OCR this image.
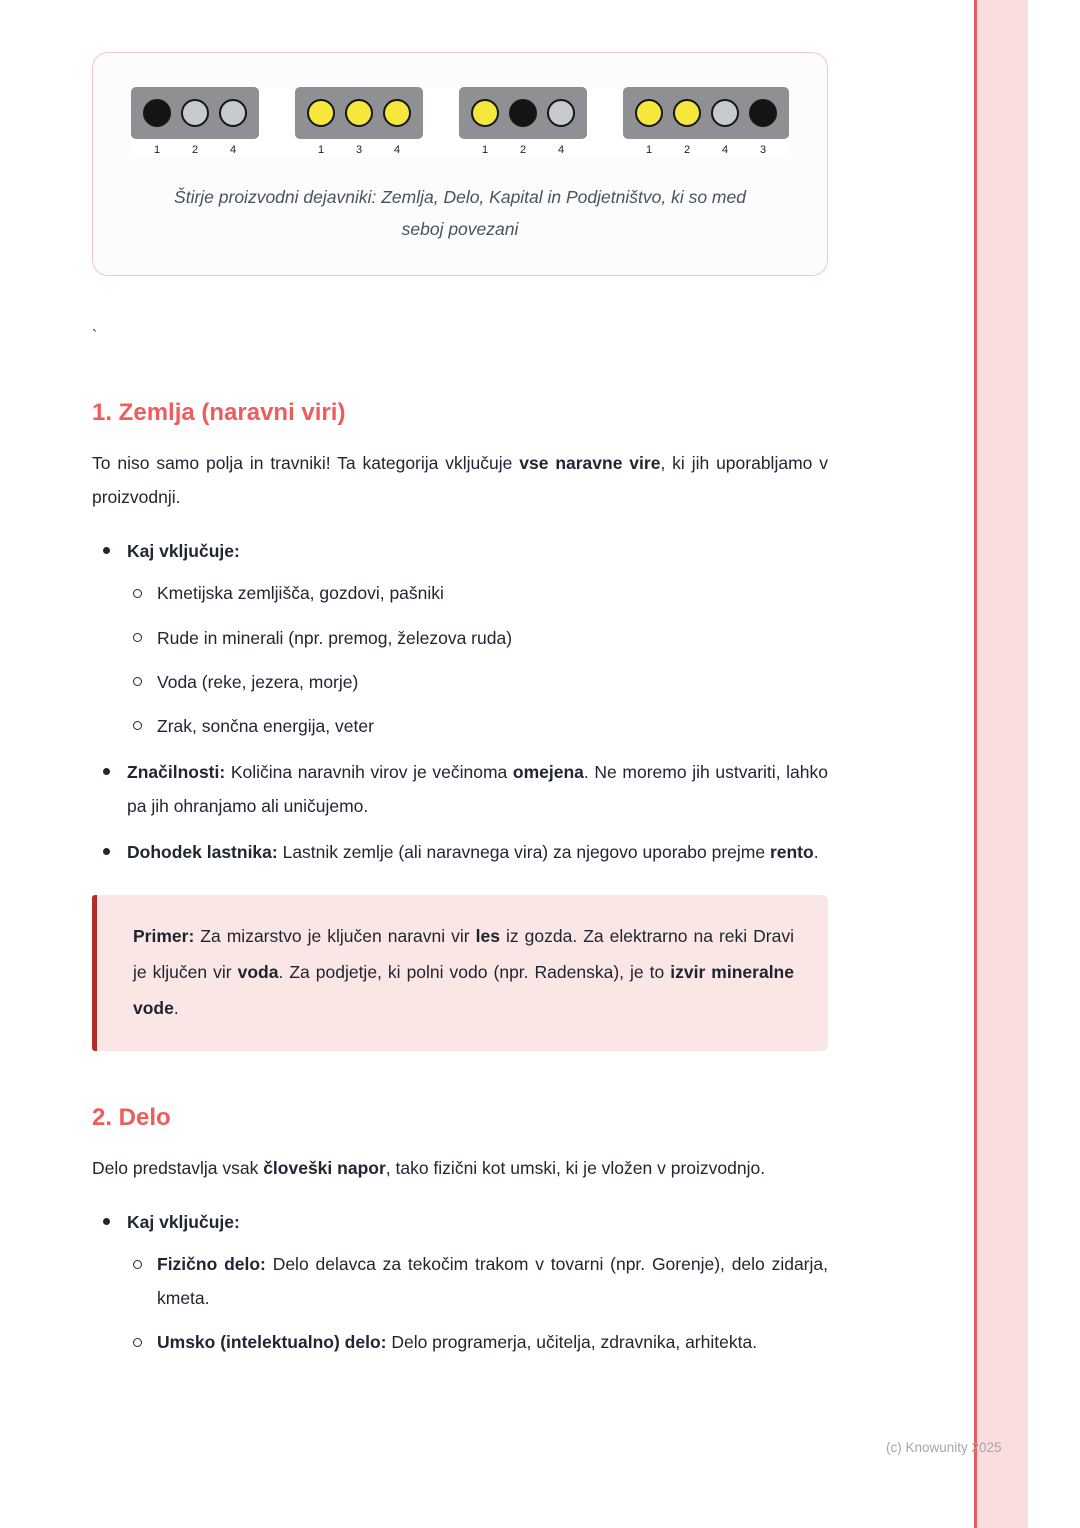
1	2	4	1	3	4	1	2	4	1	2	4	3
Štirje proizvodni dejavniki: Zemlja, Delo, Kapital in Podjetništvo, ki so med seboj povezani
`
1. Zemlja (naravni viri)

To niso samo polja in travniki! Ta kategorija vključuje vse naravne vire, ki jih uporabljamo v proizvodnji.

Kaj vključuje:
Kmetijska zemljišča, gozdovi, pašniki
Rude in minerali (npr. premog, železova ruda)
Voda (reke, jezera, morje)
Zrak, sončna energija, veter
Značilnosti: Količina naravnih virov je večinoma omejena. Ne moremo jih ustvariti, lahko pa jih ohranjamo ali uničujemo.
Dohodek lastnika: Lastnik zemlje (ali naravnega vira) za njegovo uporabo prejme rento.

Primer: Za mizarstvo je ključen naravni vir les iz gozda. Za elektrarno na reki Dravi je ključen vir voda. Za podjetje, ki polni vodo (npr. Radenska), je to izvir mineralne vode.

2. Delo

Delo predstavlja vsak človeški napor, tako fizični kot umski, ki je vložen v proizvodnjo.

Kaj vključuje:
Fizično delo: Delo delavca za tekočim trakom v tovarni (npr. Gorenje), delo zidarja, kmeta.
Umsko (intelektualno) delo: Delo programerja, učitelja, zdravnika, arhitekta.
(c) Knowunity 2025
